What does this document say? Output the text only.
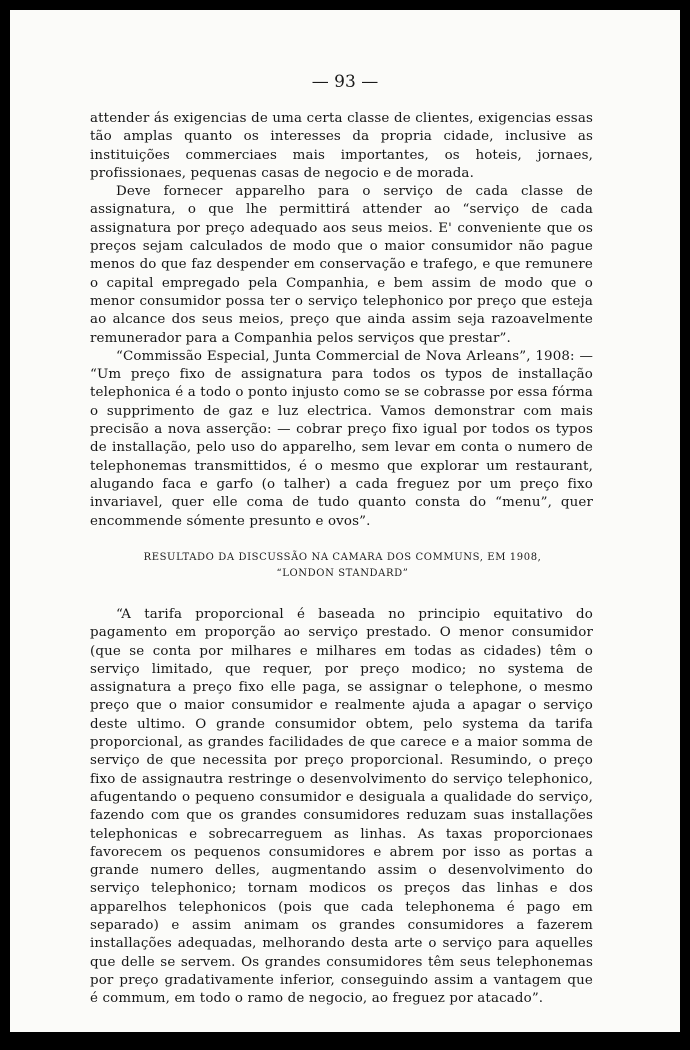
— 93 —

attender ás exigencias de uma certa classe de clientes, exigencias essas tão amplas quanto os interesses da propria cidade, inclusive as instituições commerciaes mais importantes, os hoteis, jornaes, profissionaes, pequenas casas de negocio e de morada.

Deve fornecer apparelho para o serviço de cada classe de assignatura, o que lhe permittirá attender ao “serviço de cada assignatura por preço adequado aos seus meios. E' conveniente que os preços sejam calculados de modo que o maior consumidor não pague menos do que faz despender em conservação e trafego, e que remunere o capital empregado pela Companhia, e bem assim de modo que o menor consumidor possa ter o serviço telephonico por preço que esteja ao alcance dos seus meios, preço que ainda assim seja razoavelmente remunerador para a Companhia pelos serviços que prestar”.

“Commissão Especial, Junta Commercial de Nova Arleans”, 1908: — “Um preço fixo de assignatura para todos os typos de installação telephonica é a todo o ponto injusto como se se cobrasse por essa fórma o supprimento de gaz e luz electrica. Vamos demonstrar com mais precisão a nova asserção: — cobrar preço fixo igual por todos os typos de installação, pelo uso do apparelho, sem levar em conta o numero de telephonemas transmittidos, é o mesmo que explorar um restaurant, alugando faca e garfo (o talher) a cada freguez por um preço fixo invariavel, quer elle coma de tudo quanto consta do “menu”, quer encommende sómente presunto e ovos”.

RESULTADO DA DISCUSSÃO NA CAMARA DOS COMMUNS, EM 1908,
“LONDON STANDARD”

“A tarifa proporcional é baseada no principio equitativo do pagamento em proporção ao serviço prestado. O menor consumidor (que se conta por milhares e milhares em todas as cidades) têm o serviço limitado, que requer, por preço modico; no systema de assignatura a preço fixo elle paga, se assignar o telephone, o mesmo preço que o maior consumidor e realmente ajuda a apagar o serviço deste ultimo. O grande consumidor obtem, pelo systema da tarifa proporcional, as grandes facilidades de que carece e a maior somma de serviço de que necessita por preço proporcional. Resumindo, o preço fixo de assignautra restringe o desenvolvimento do serviço telephonico, afugentando o pequeno consumidor e desiguala a qualidade do serviço, fazendo com que os grandes consumidores reduzam suas installações telephonicas e sobrecarreguem as linhas. As taxas proporcionaes favorecem os pequenos consumidores e abrem por isso as portas a grande numero delles, augmentando assim o desenvolvimento do serviço telephonico; tornam modicos os preços das linhas e dos apparelhos telephonicos (pois que cada telephonema é pago em separado) e assim animam os grandes consumidores a fazerem installações adequadas, melhorando desta arte o serviço para aquelles que delle se servem. Os grandes consumidores têm seus telephonemas por preço gradativamente inferior, conseguindo assim a vantagem que é commum, em todo o ramo de negocio, ao freguez por atacado”.
